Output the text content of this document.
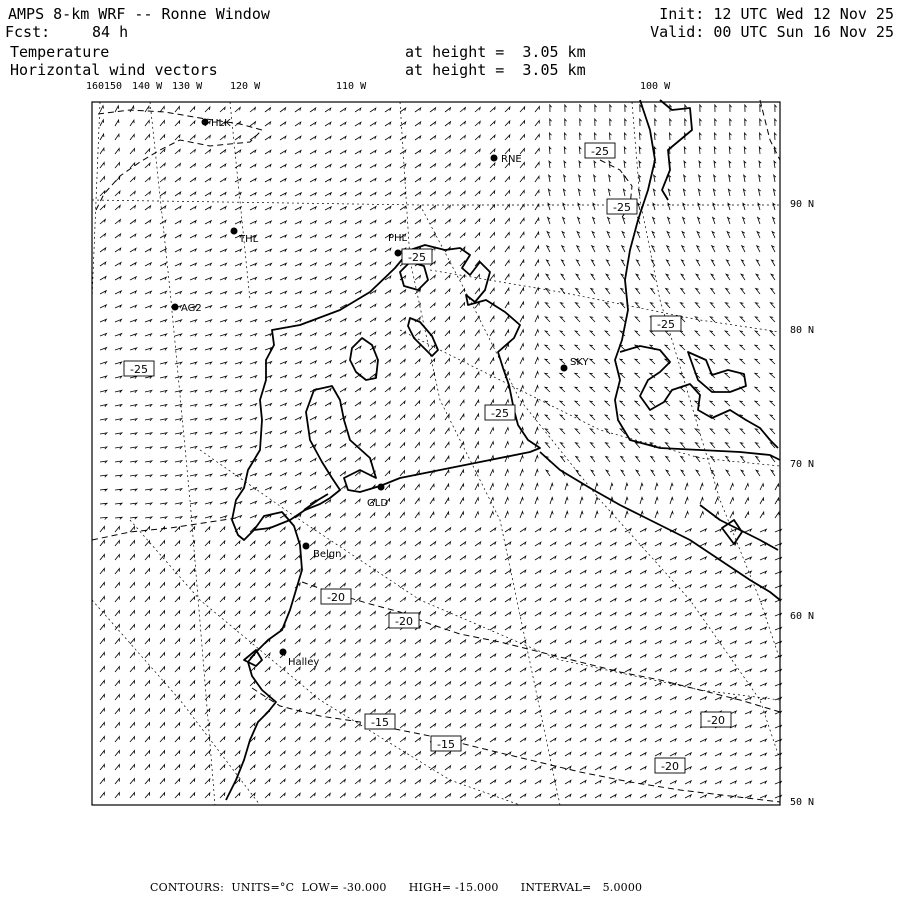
AMPS 8-km WRF -- Ronne Window
Fcst:	84 h
Temperature
Horizontal wind vectors
at height =  3.05 km
at height =  3.05 km
Init: 12 UTC Wed 12 Nov 25
Valid: 00 UTC Sun 16 Nov 25
HLK
RNE
THL	PHL
AG2
SKY
GLD
Belgn
Halley
-25
-25
-25
-25
-25
-25
-20
-20
-20
-20
-15
-15
160 150 140 W 130 W	120 W	110 W	100 W
90 N
80 N
70 N
60 N
50 N
CONTOURS:  UNITS=°C  LOW= -30.000      HIGH= -15.000      INTERVAL=   5.0000
